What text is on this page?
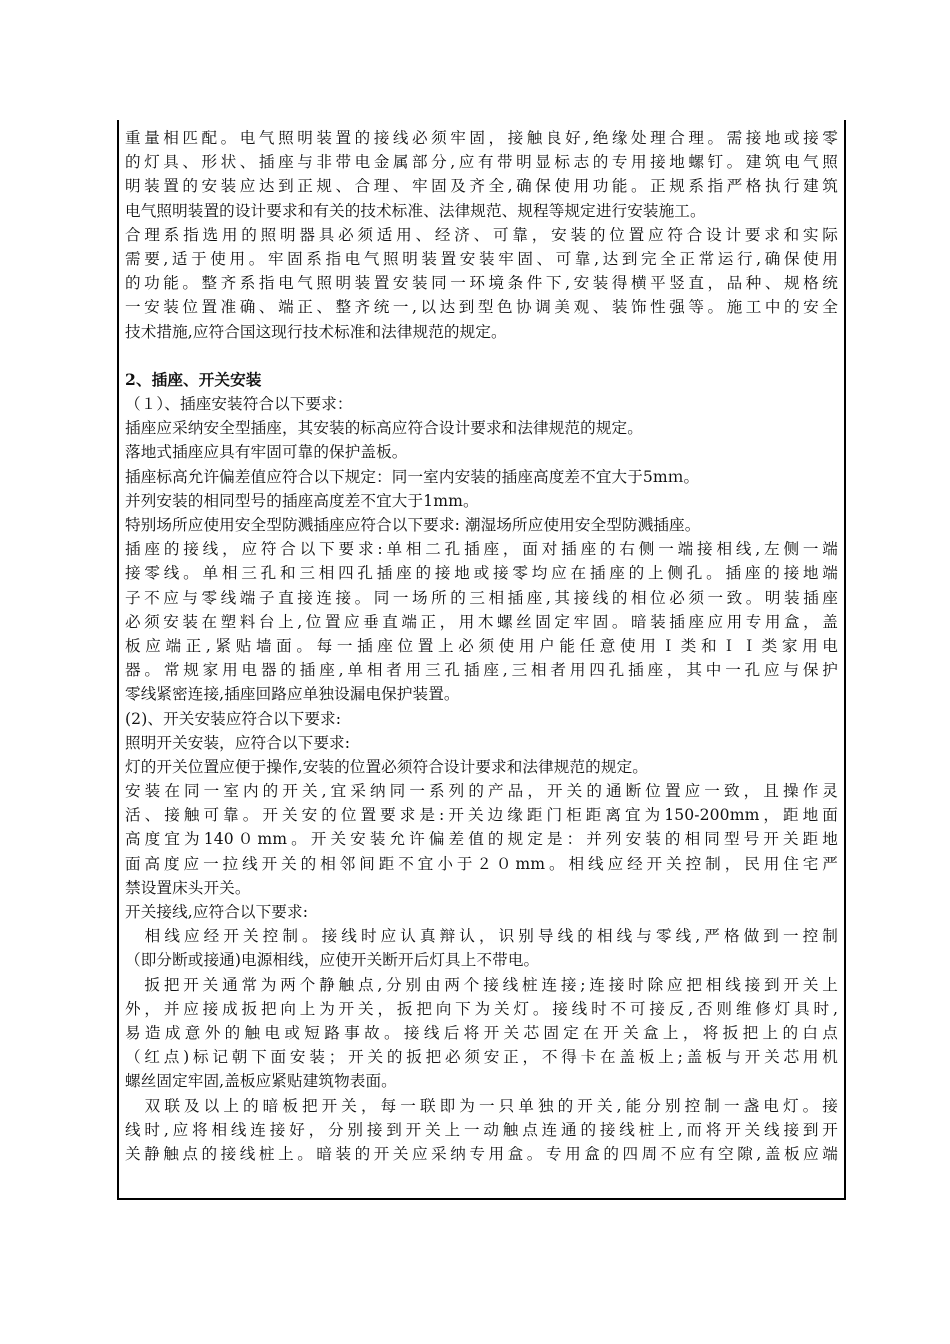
重量相匹配。电气照明装置的接线必须牢固，接触良好,绝缘处理合理。需接地或接零
的灯具、形状、插座与非带电金属部分,应有带明显标志的专用接地螺钉。建筑电气照
明装置的安装应达到正规、合理、牢固及齐全,确保使用功能。正规系指严格执行建筑
电气照明装置的设计要求和有关的技术标准、法律规范、规程等规定进行安装施工。
合理系指选用的照明器具必须适用、经济、可靠，安装的位置应符合设计要求和实际
需要,适于使用。牢固系指电气照明装置安装牢固、可靠,达到完全正常运行,确保使用
的功能。整齐系指电气照明装置安装同一环境条件下,安装得横平竖直，品种、规格统
一安装位置准确、端正、整齐统一,以达到型色协调美观、装饰性强等。施工中的安全
技术措施,应符合国这现行技术标准和法律规范的规定。
2、插座、开关安装
（１）、插座安装符合以下要求：
插座应采纳安全型插座，其安装的标高应符合设计要求和法律规范的规定。
落地式插座应具有牢固可靠的保护盖板。
插座标高允许偏差值应符合以下规定：同一室内安装的插座高度差不宜大于5mｍ。
并列安装的相同型号的插座高度差不宜大于1mm。
特别场所应使用安全型防溅插座应符合以下要求: 潮湿场所应使用安全型防溅插座。
插座的接线，应符合以下要求:单相二孔插座，面对插座的右侧一端接相线,左侧一端
接零线。单相三孔和三相四孔插座的接地或接零均应在插座的上侧孔。插座的接地端
子不应与零线端子直接连接。同一场所的三相插座,其接线的相位必须一致。明装插座
必须安装在塑料台上,位置应垂直端正，用木螺丝固定牢固。暗装插座应用专用盒，盖
板应端正,紧贴墙面。每一插座位置上必须使用户能任意使用Ｉ类和ＩＩ类家用电
器。常规家用电器的插座,单相者用三孔插座,三相者用四孔插座，其中一孔应与保护
零线紧密连接,插座回路应单独设漏电保护装置。
(2)、开关安装应符合以下要求:
照明开关安装，应符合以下要求:
灯的开关位置应便于操作,安装的位置必须符合设计要求和法律规范的规定。
安装在同一室内的开关,宜采纳同一系列的产品，开关的通断位置应一致，且操作灵
活、接触可靠。开关安的位置要求是:开关边缘距门柜距离宜为150-200mm，距地面
高度宜为140０mm。开关安装允许偏差值的规定是：并列安装的相同型号开关距地
面高度应一拉线开关的相邻间距不宜小于２０mm。相线应经开关控制，民用住宅严
禁设置床头开关。
开关接线,应符合以下要求:
　相线应经开关控制。接线时应认真辩认，识别导线的相线与零线,严格做到一控制
（即分断或接通)电源相线，应使开关断开后灯具上不带电。
　扳把开关通常为两个静触点,分别由两个接线桩连接;连接时除应把相线接到开关上
外，并应接成扳把向上为开关，扳把向下为关灯。接线时不可接反,否则维修灯具时,
易造成意外的触电或短路事故。接线后将开关芯固定在开关盒上，将扳把上的白点
（红点)标记朝下面安装；开关的扳把必须安正，不得卡在盖板上;盖板与开关芯用机
螺丝固定牢固,盖板应紧贴建筑物表面。
　双联及以上的暗板把开关，每一联即为一只单独的开关,能分别控制一盏电灯。接
线时,应将相线连接好，分别接到开关上一动触点连通的接线桩上,而将开关线接到开
关静触点的接线桩上。暗装的开关应采纳专用盒。专用盒的四周不应有空隙,盖板应端
